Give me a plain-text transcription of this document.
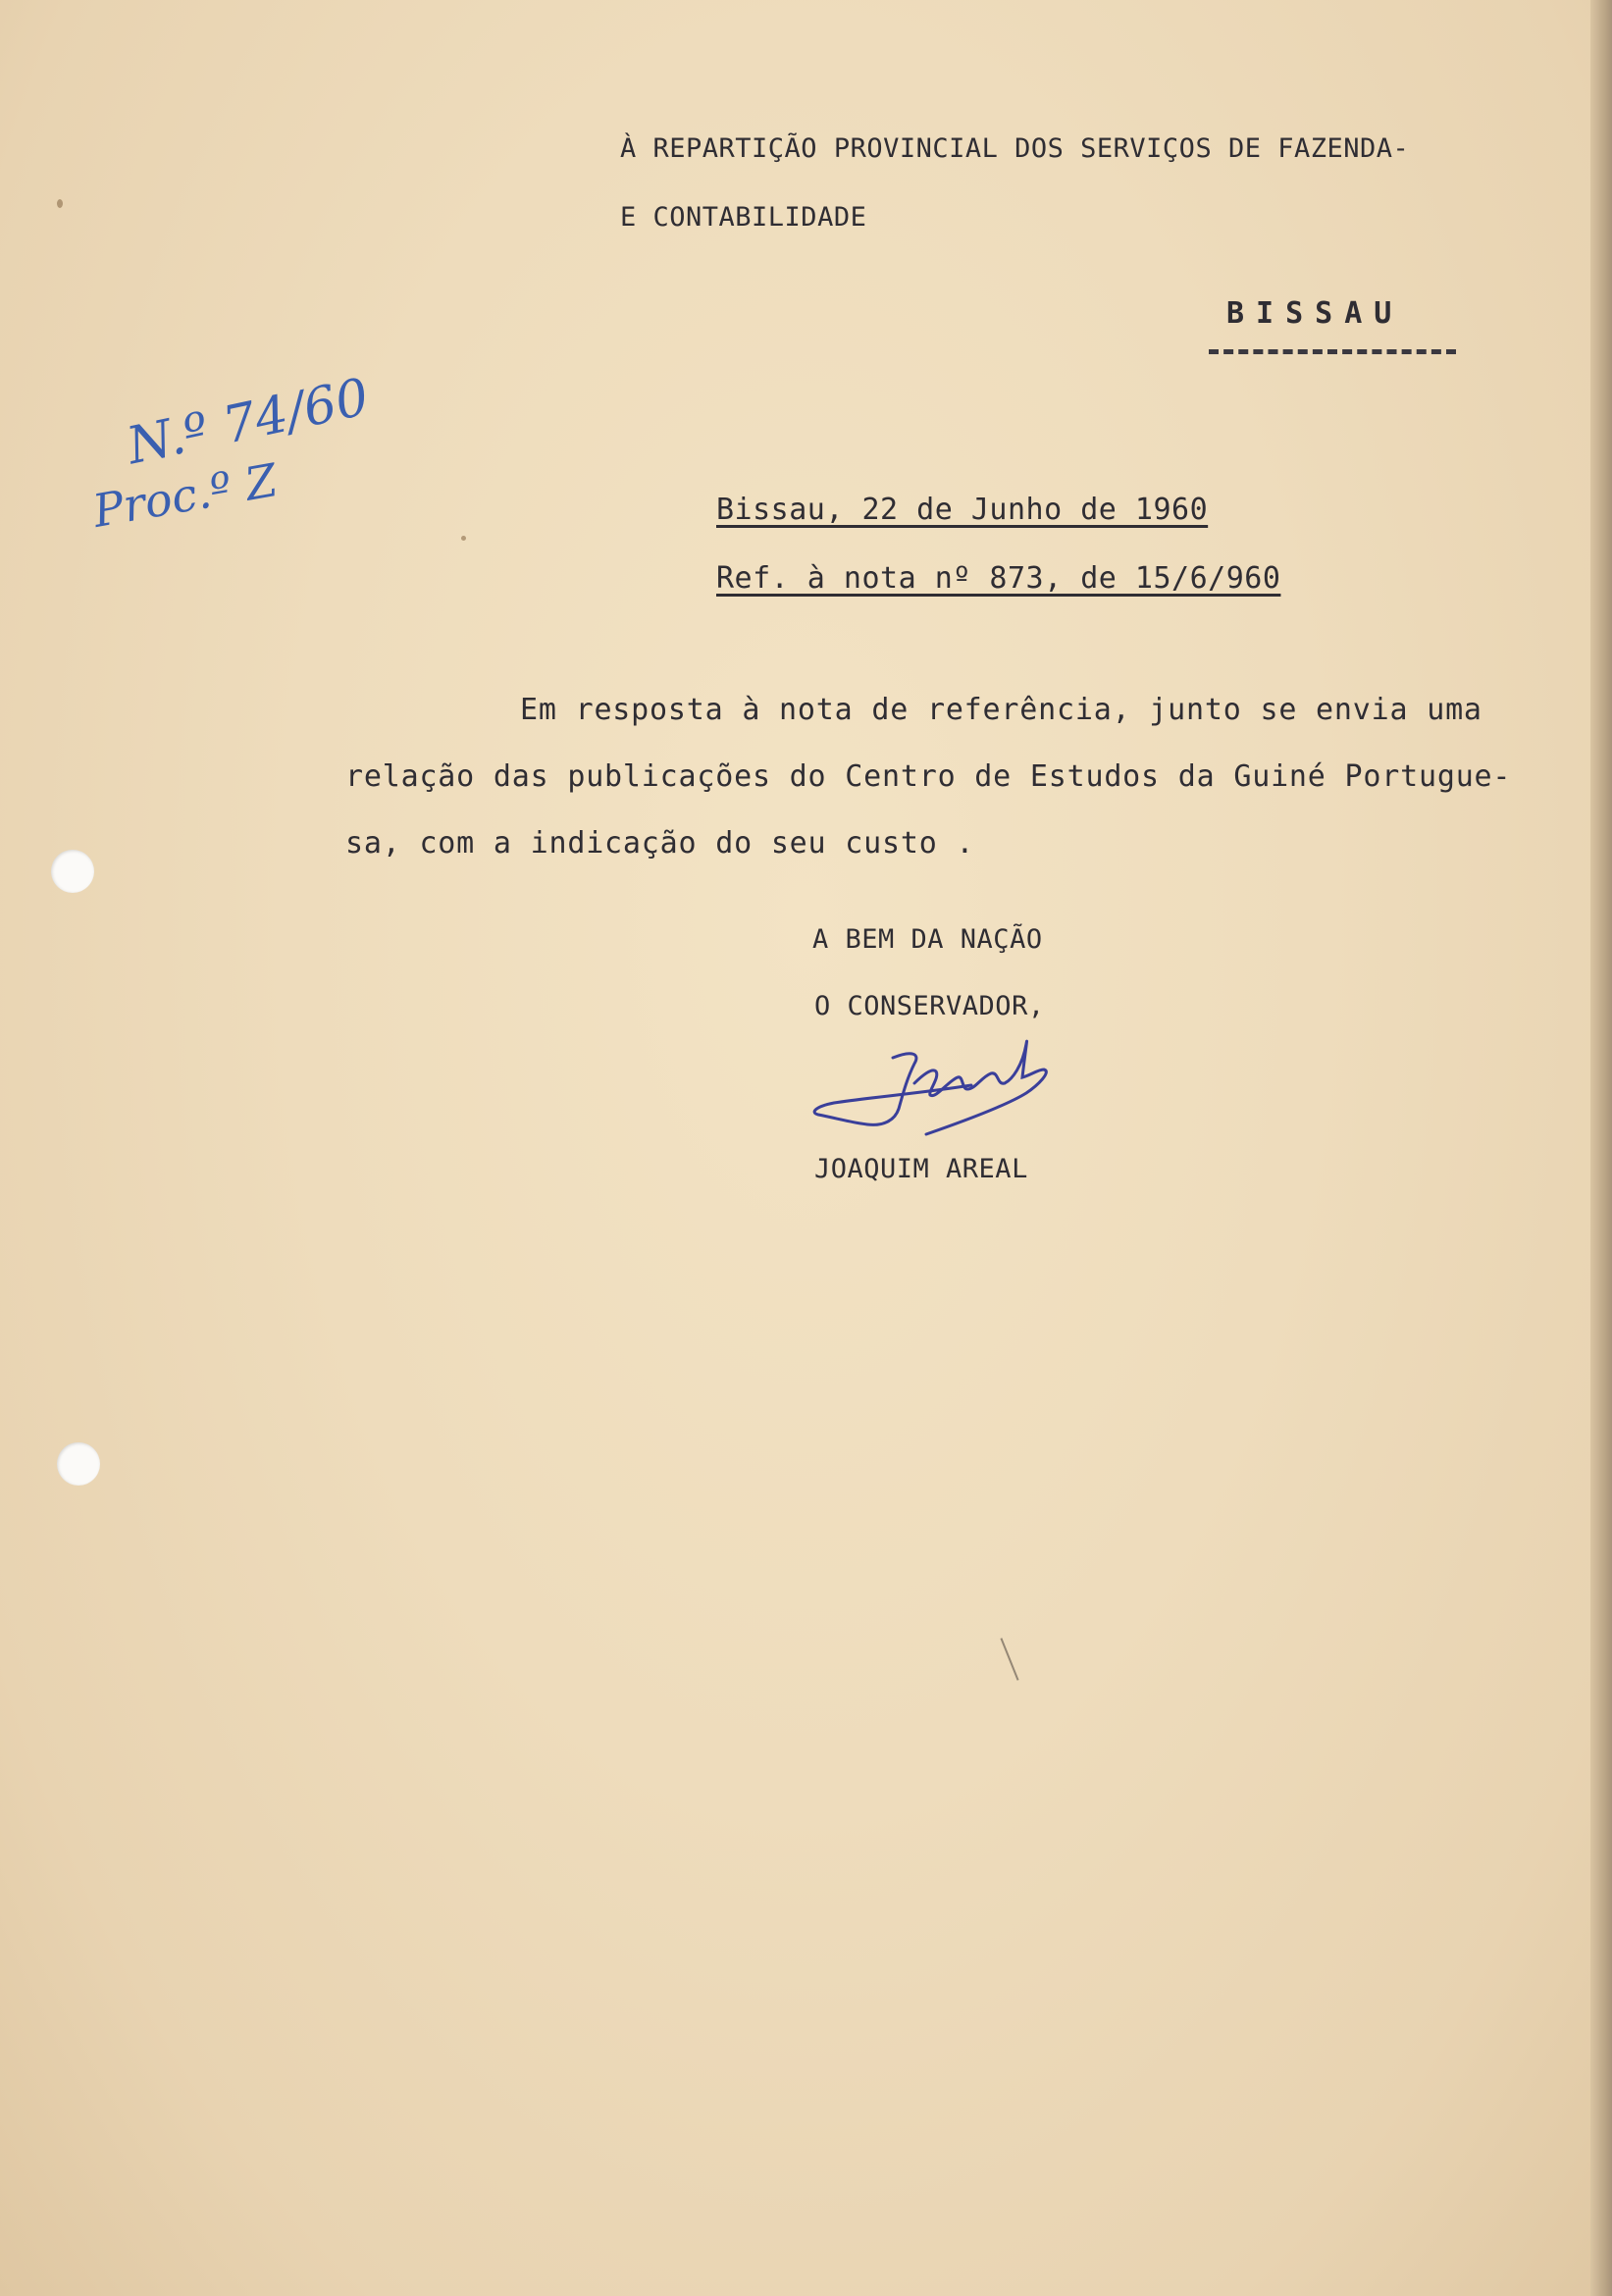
À REPARTIÇÃO PROVINCIAL DOS SERVIÇOS DE FAZENDA-
E CONTABILIDADE
BISSAU
N.º 74/60
Proc.º Z	Bissau, 22 de Junho de 1960
Ref. à nota nº 873, de 15/6/960
Em resposta à nota de referência, junto se envia uma
relação das publicações do Centro de Estudos da Guiné Portugue-
sa, com a indicação do seu custo .
A BEM DA NAÇÃO
O CONSERVADOR,
JOAQUIM AREAL
